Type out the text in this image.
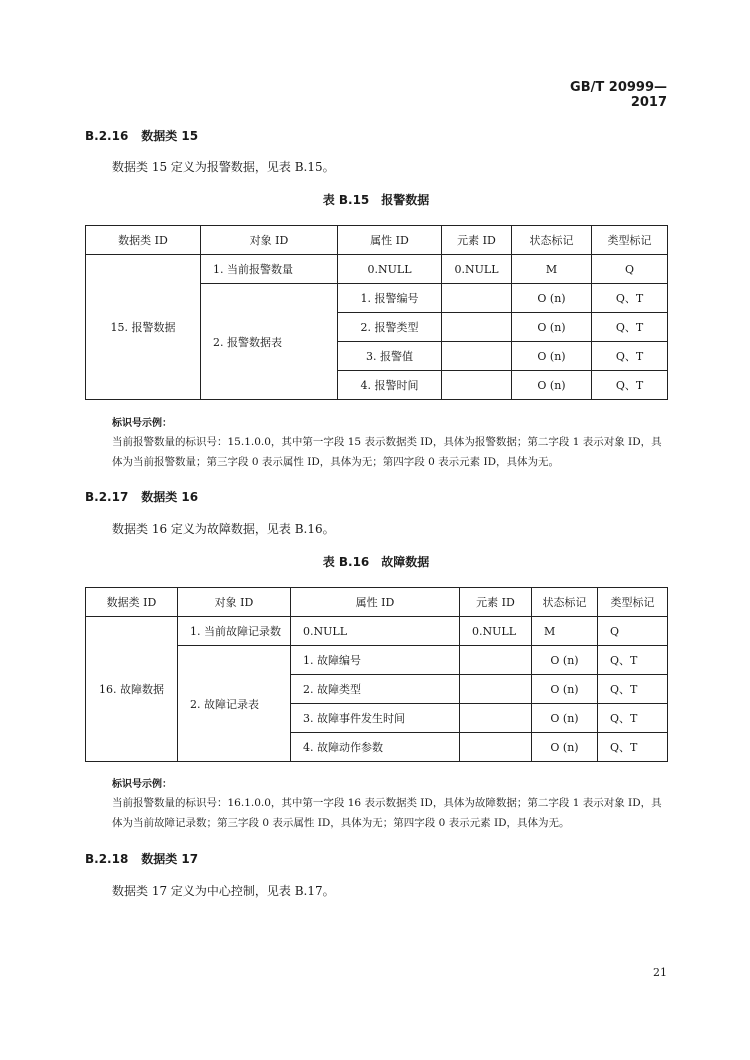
GB/T 20999—2017
B.2.16 数据类 15
数据类 15 定义为报警数据，见表 B.15。
表 B.15 报警数据
数据类 ID	对象 ID	属性 ID	元素 ID	状态标记	类型标记
15. 报警数据	1. 当前报警数量	0.NULL	0.NULL	M	Q
	2. 报警数据表	1. 报警编号		O (n)	Q、T
		2. 报警类型		O (n)	Q、T
		3. 报警值		O (n)	Q、T
		4. 报警时间		O (n)	Q、T
标识号示例：
当前报警数量的标识号：15.1.0.0，其中第一字段 15 表示数据类 ID，具体为报警数据；第二字段 1 表示对象 ID，具体为当前报警数量；第三字段 0 表示属性 ID，具体为无；第四字段 0 表示元素 ID，具体为无。
B.2.17 数据类 16
数据类 16 定义为故障数据，见表 B.16。
表 B.16 故障数据
数据类 ID	对象 ID	属性 ID	元素 ID	状态标记	类型标记
16. 故障数据	1. 当前故障记录数	0.NULL	0.NULL	M	Q
	2. 故障记录表	1. 故障编号		O (n)	Q、T
		2. 故障类型		O (n)	Q、T
		3. 故障事件发生时间		O (n)	Q、T
		4. 故障动作参数		O (n)	Q、T
标识号示例：
当前报警数量的标识号：16.1.0.0，其中第一字段 16 表示数据类 ID，具体为故障数据；第二字段 1 表示对象 ID，具体为当前故障记录数；第三字段 0 表示属性 ID，具体为无；第四字段 0 表示元素 ID，具体为无。
B.2.18 数据类 17
数据类 17 定义为中心控制，见表 B.17。
21
